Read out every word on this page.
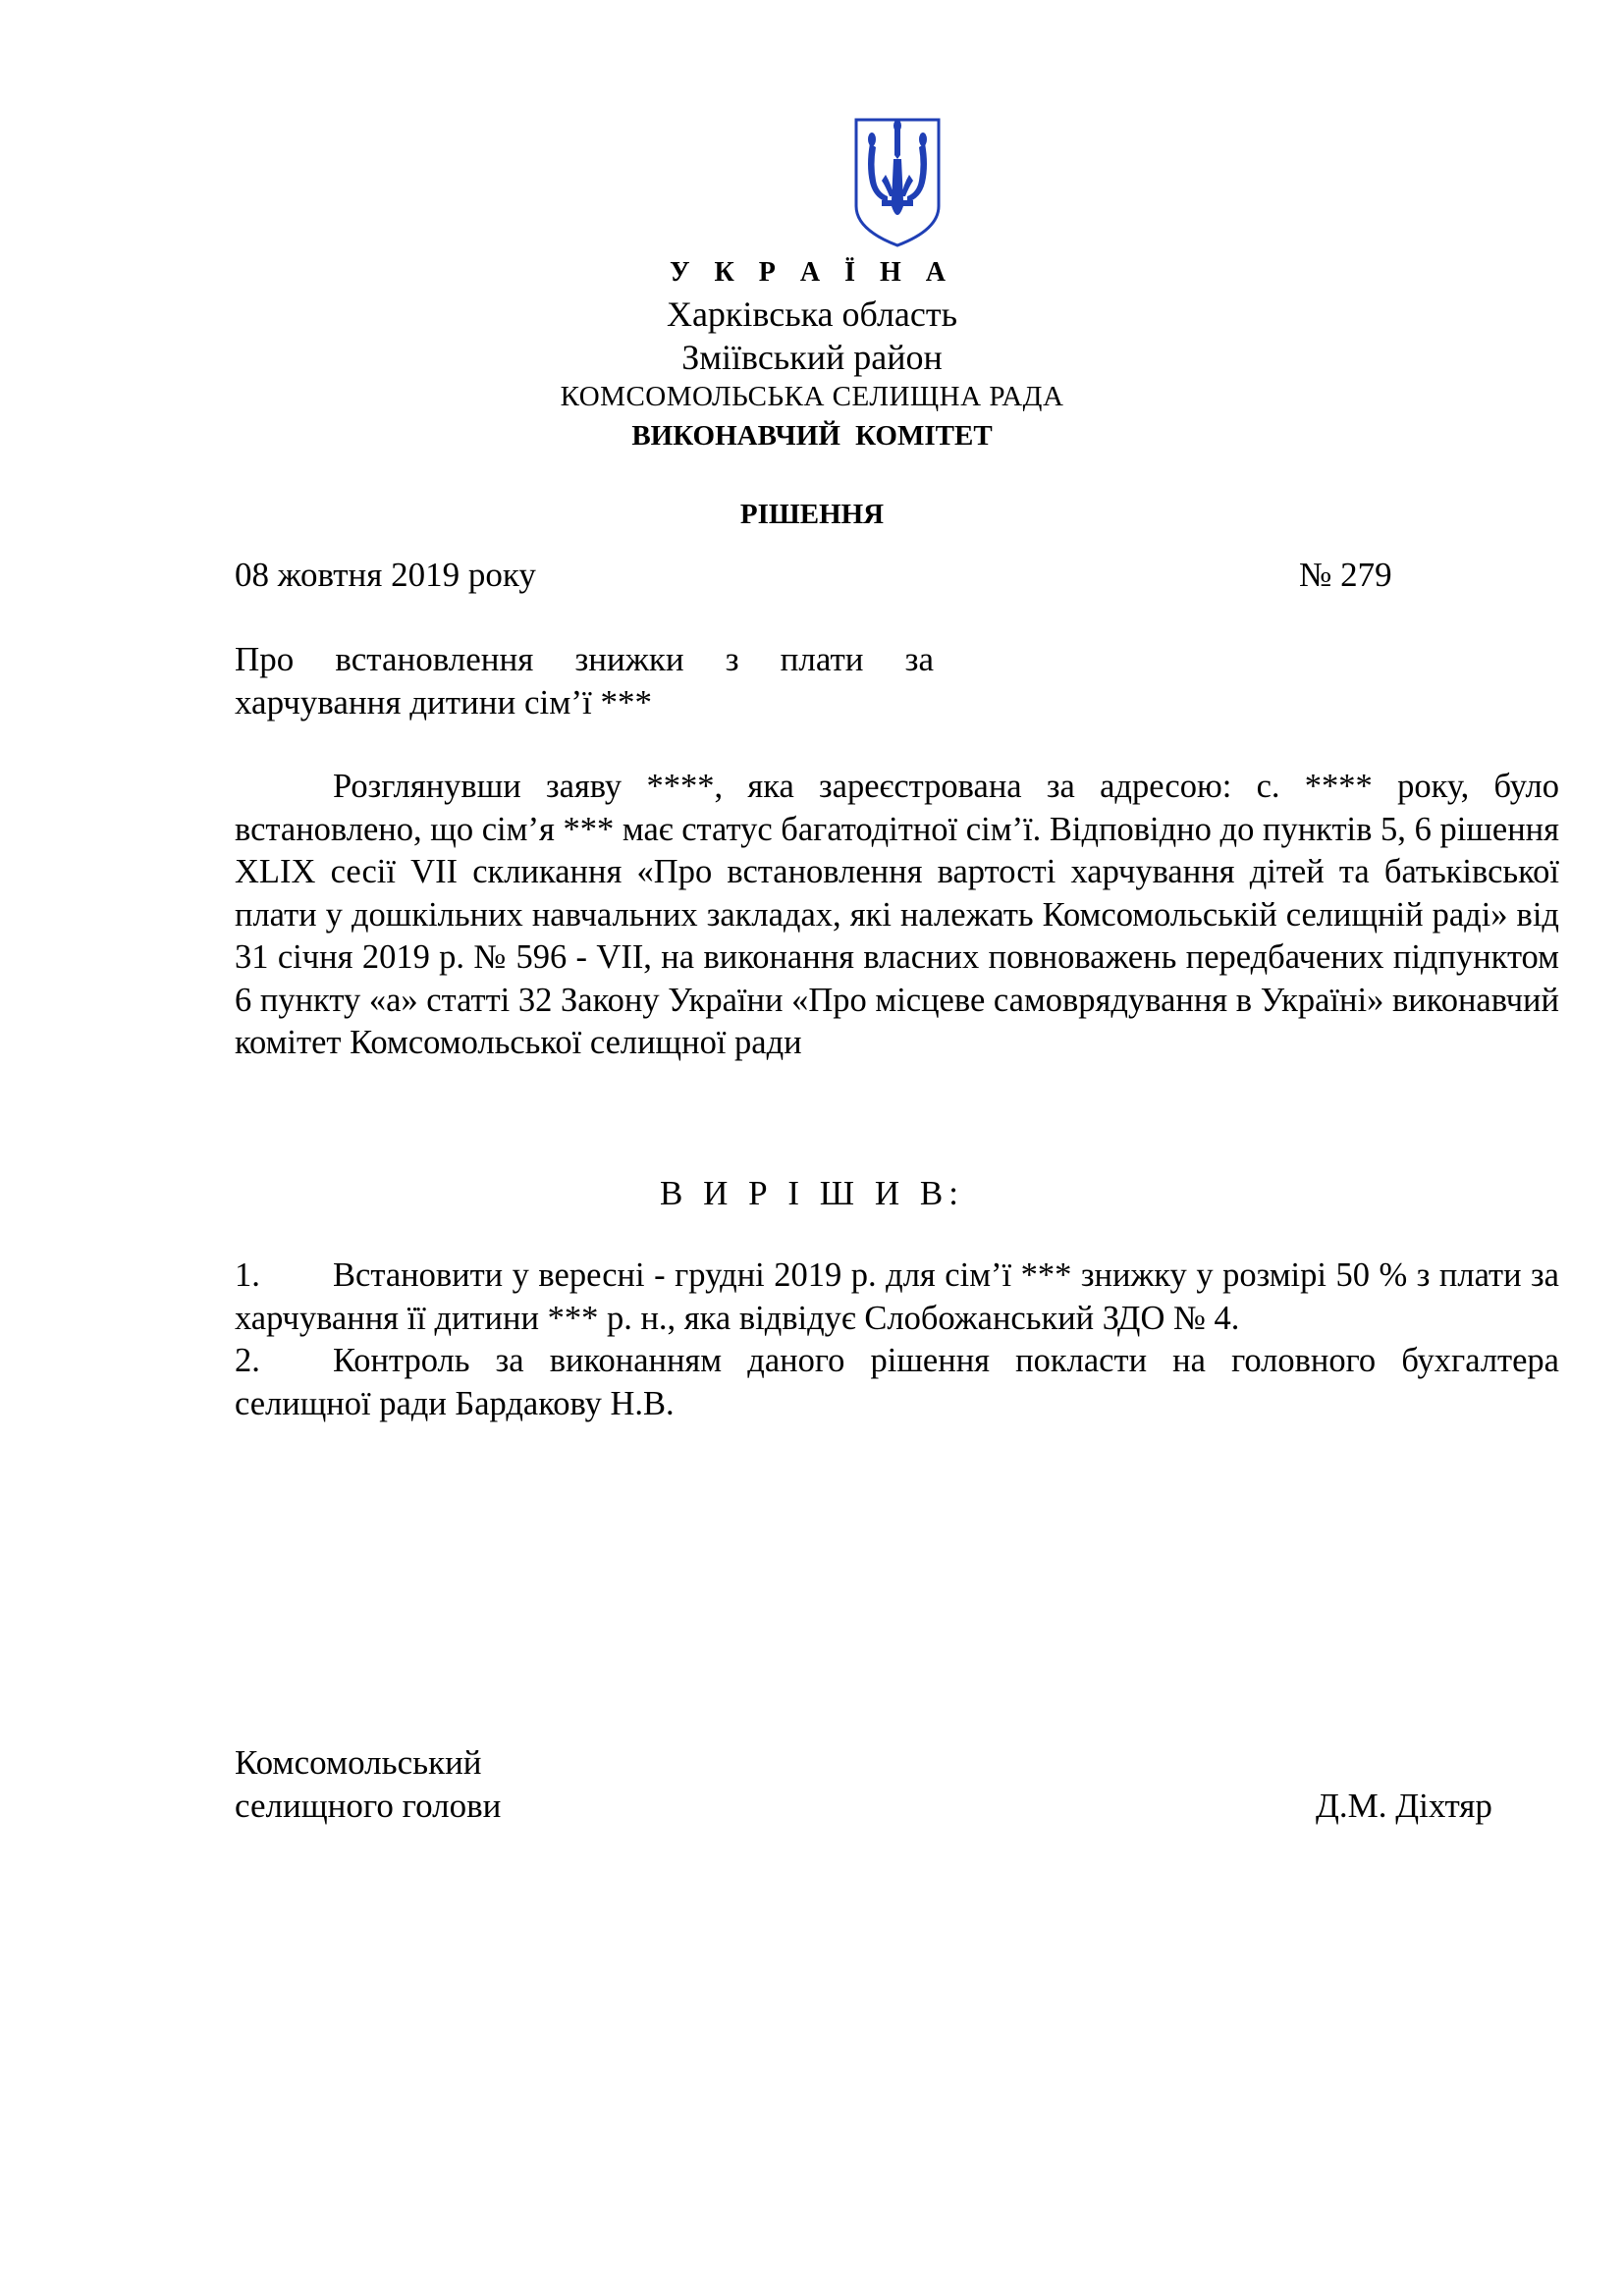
У К Р А Ї Н А
Харківська область
Зміївський район
КОМСОМОЛЬСЬКА СЕЛИЩНА РАДА
ВИКОНАВЧИЙ КОМІТЕТ
РІШЕННЯ
08 жовтня 2019 року	№ 279
Про встановлення знижки з плати за
харчування дитини сім’ї ***
Розглянувши заяву ****, яка зареєстрована за адресою: с. **** року, було встановлено, що сім’я *** має статус багатодітної сім’ї. Відповідно до пунктів 5, 6 рішення XLIX сесії VII скликання «Про встановлення вартості харчування дітей та батьківської плати у дошкільних навчальних закладах, які належать Комсомольській селищній раді» від 31 січня 2019 р. № 596 - VII, на виконання власних повноважень передбачених підпунктом 6 пункту «а» статті 32 Закону України «Про місцеве самоврядування в Україні» виконавчий комітет Комсомольської селищної ради
В И Р І Ш И В:
1. Встановити у вересні - грудні 2019 р. для сім’ї *** знижку у розмірі 50 % з плати за харчування її дитини *** р. н., яка відвідує Слобожанський ЗДО № 4.
2. Контроль за виконанням даного рішення покласти на головного бухгалтера селищної ради Бардакову Н.В.
Комсомольський
селищного голови	Д.М. Діхтяр
